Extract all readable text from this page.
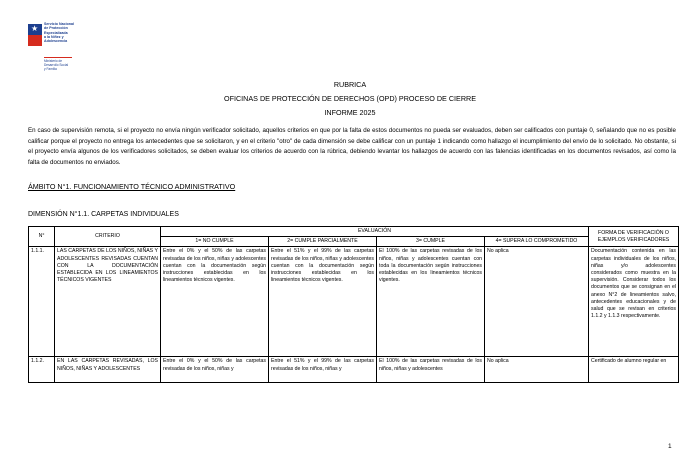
★ Servicio Nacional
de Protección
Especializada
a la Niñez y
Adolescencia
Ministerio de
Desarrollo Social
y Familia
RUBRICA
OFICINAS DE PROTECCIÓN DE DERECHOS (OPD) PROCESO DE CIERRE
INFORME 2025
En caso de supervisión remota, si el proyecto no envía ningún verificador solicitado, aquellos criterios en que por la falta de estos documentos no pueda ser evaluados, deben ser calificados con puntaje 0, señalando que no es posible calificar porque el proyecto no entrega los antecedentes que se solicitaron, y en el criterio "otro" de cada dimensión se debe calificar con un puntaje 1 indicando como hallazgo el incumplimiento del envío de lo solicitado. No obstante, si el proyecto envía algunos de los verificadores solicitados, se deben evaluar los criterios de acuerdo con la rúbrica, debiendo levantar los hallazgos de acuerdo con las falencias identificadas en los documentos revisados, así como la falta de documentos no enviados.
ÁMBITO N°1. FUNCIONAMIENTO TÉCNICO ADMINISTRATIVO
DIMENSIÓN N°1.1. CARPETAS INDIVIDUALES
N°	CRITERIO	EVALUACIÓN				FORMA DE VERIFICACIÓN O EJEMPLOS VERIFICADORES
		1= NO CUMPLE	2= CUMPLE PARCIALMENTE	3= CUMPLE	4= SUPERA LO COMPROMETIDO	
1.1.1.	LAS CARPETAS DE LOS NIÑOS, NIÑAS Y ADOLESCENTES REVISADAS CUENTAN CON LA DOCUMENTACIÓN ESTABLECIDA EN LOS LINEAMIENTOS TÉCNICOS VIGENTES	Entre el 0% y el 50% de las carpetas revisadas de los niños, niñas y adolescentes cuentan con la documentación según instrucciones establecidas en los lineamientos técnicos vigentes.	Entre el 51% y el 99% de las carpetas revisadas de los niños, niñas y adolescentes cuentan con la documentación según instrucciones establecidas en los lineamientos técnicos vigentes.	El 100% de las carpetas revisadas de los niños, niñas y adolescentes cuentan con toda la documentación según instrucciones establecidas en los lineamientos técnicos vigentes.	No aplica	Documentación contenida en las carpetas individuales de los niños, niñas y/o adolescentes considerados como muestra en la supervisión. Considerar todos los documentos que se consignan en el anexo N°2 de lineamientos salvo, antecedentes educacionales y de salud que se revisan en criterios 1.1.2 y 1.1.3 respectivamente.
1.1.2.	EN LAS CARPETAS REVISADAS, LOS NIÑOS, NIÑAS Y ADOLESCENTES	Entre el 0% y el 50% de las carpetas revisadas de los niños, niñas y	Entre el 51% y el 99% de las carpetas revisadas de los niños, niñas y	El 100% de las carpetas revisadas de los niños, niñas y adolescentes	No aplica	Certificado de alumno regular en
1
